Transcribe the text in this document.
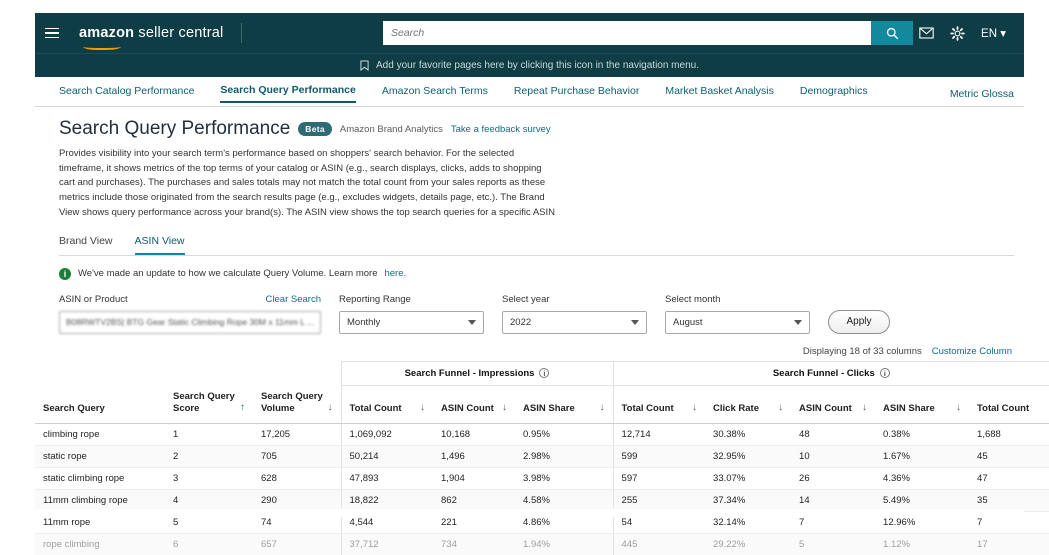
amazon seller central
Search	EN ▾
Add your favorite pages here by clicking this icon in the navigation menu.
Search Catalog Performance Search Query Performance Amazon Search Terms Repeat Purchase Behavior Market Basket Analysis Demographics	Metric Glossa
Search Query Performance	Beta	Amazon Brand Analytics Take a feedback survey
Provides visibility into your search term's performance based on shoppers' search behavior. For the selected timeframe, it shows metrics of the top terms of your catalog or ASIN (e.g., search displays, clicks, adds to shopping cart and purchases). The purchases and sales totals may not match the total count from your sales reports as these metrics include those originated from the search results page (e.g., excludes widgets, details page, etc.). The Brand View shows query performance across your brand(s). The ASIN view shows the top search queries for a specific ASIN
Brand View ASIN View
i	We've made an update to how we calculate Query Volume. Learn more here.
ASIN or Product	Clear Search
B08RWTV2BS| BTG Gear Static Climbing Rope 30M x 11mm L ...
Reporting Range
Monthly
Select year
2022
Select month
August	Apply
Displaying 18 of 33 columns Customize Column
			Search Funnel - Impressions i			Search Funnel - Clicks i				

Search Query	Search Query Score ↑	Search Query Volume ↓	Total Count ↓	ASIN Count ↓	ASIN Share ↓	Total Count ↓	Click Rate ↓	ASIN Count ↓	ASIN Share ↓	Total Count

climbing rope	1	17,205	1,069,092	10,168	0.95%	12,714	30.38%	48	0.38%	1,688
static rope	2	705	50,214	1,496	2.98%	599	32.95%	10	1.67%	45
static climbing rope	3	628	47,893	1,904	3.98%	597	33.07%	26	4.36%	47
11mm climbing rope	4	290	18,822	862	4.58%	255	37.34%	14	5.49%	35
11mm rope	5	74	4,544	221	4.86%	54	32.14%	7	12.96%	7
rope climbing	6	657	37,712	734	1.94%	445	29.22%	5	1.12%	17
